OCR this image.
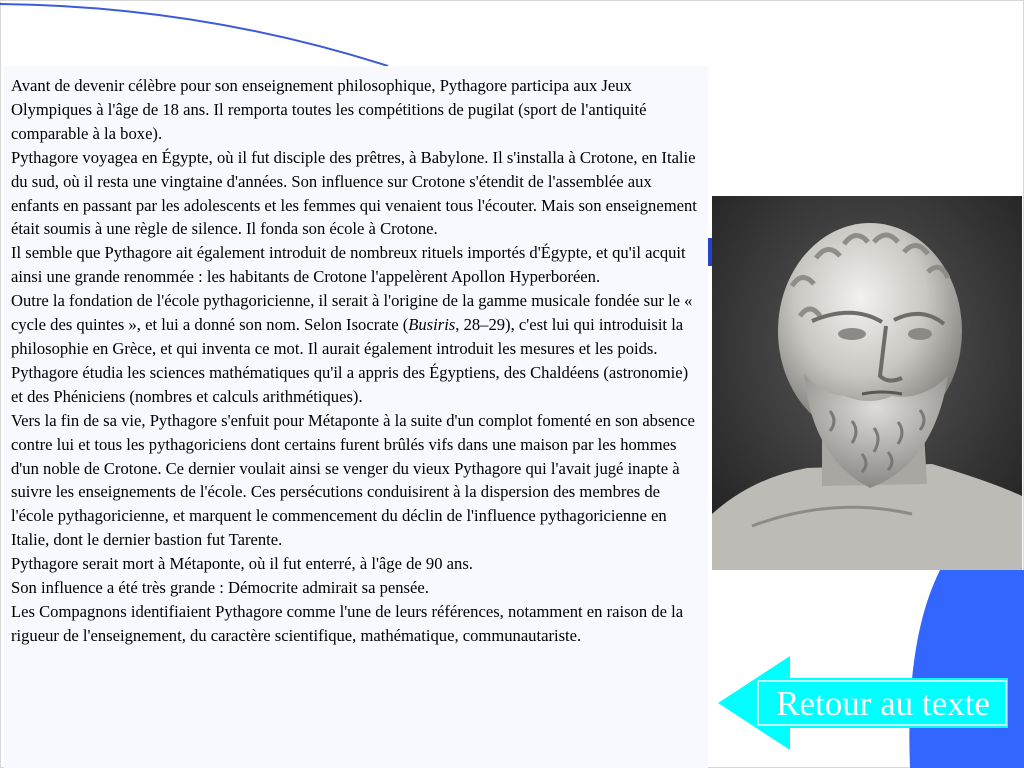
Avant de devenir célèbre pour son enseignement philosophique, Pythagore participa aux Jeux Olympiques à l'âge de 18 ans. Il remporta toutes les compétitions de pugilat (sport de l'antiquité comparable à la boxe).

Pythagore voyagea en Égypte, où il fut disciple des prêtres, à Babylone. Il s'installa à Crotone, en Italie du sud, où il resta une vingtaine d'années. Son influence sur Crotone s'étendit de l'assemblée aux enfants en passant par les adolescents et les femmes qui venaient tous l'écouter. Mais son enseignement était soumis à une règle de silence. Il fonda son école à Crotone.

Il semble que Pythagore ait également introduit de nombreux rituels importés d'Égypte, et qu'il acquit ainsi une grande renommée : les habitants de Crotone l'appelèrent Apollon Hyperboréen.

Outre la fondation de l'école pythagoricienne, il serait à l'origine de la gamme musicale fondée sur le « cycle des quintes », et lui a donné son nom. Selon Isocrate (Busiris, 28–29), c'est lui qui introduisit la philosophie en Grèce, et qui inventa ce mot. Il aurait également introduit les mesures et les poids. Pythagore étudia les sciences mathématiques qu'il a appris des Égyptiens, des Chaldéens (astronomie) et des Phéniciens (nombres et calculs arithmétiques).

Vers la fin de sa vie, Pythagore s'enfuit pour Métaponte à la suite d'un complot fomenté en son absence contre lui et tous les pythagoriciens dont certains furent brûlés vifs dans une maison par les hommes d'un noble de Crotone. Ce dernier voulait ainsi se venger du vieux Pythagore qui l'avait jugé inapte à suivre les enseignements de l'école. Ces persécutions conduisirent à la dispersion des membres de l'école pythagoricienne, et marquent le commencement du déclin de l'influence pythagoricienne en Italie, dont le dernier bastion fut Tarente.

Pythagore serait mort à Métaponte, où il fut enterré, à l'âge de 90 ans.

Son influence a été très grande : Démocrite admirait sa pensée.

Les Compagnons identifiaient Pythagore comme l'une de leurs références, notamment en raison de la rigueur de l'enseignement, du caractère scientifique, mathématique, communautariste.

Retour au texte
